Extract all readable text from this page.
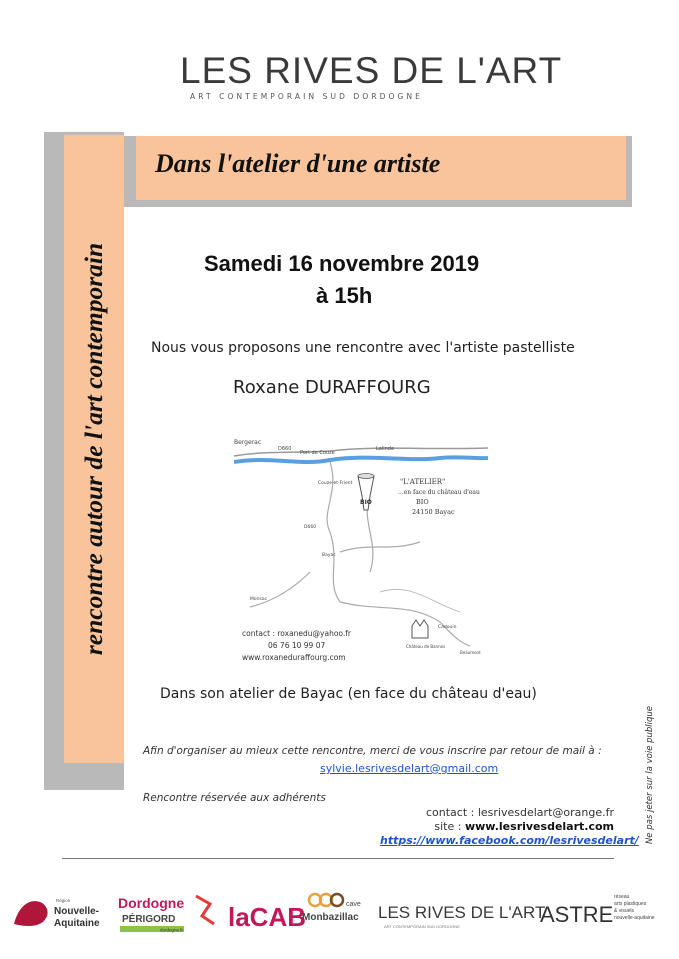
LES RIVES DE L'ART
ART CONTEMPORAIN SUD DORDOGNE
rencontre autour de l'art contemporain
Dans l'atelier d'une artiste
Samedi 16 novembre 2019
à 15h
Nous vous proposons une rencontre avec l'artiste pastelliste
Roxane DURAFFOURG
Bergerac
D660
Port de Couze
Lalinde
Couze-et-Frient
D660
Bayac
Monsac
Cadouin
Château de Bannes
Beaumont
BIO
"L'ATELIER"
...en face du château d'eau
BIO
24150 Bayac
contact : roxanedu@yahoo.fr
06 76 10 99 07
www.roxaneduraffourg.com
Dans son atelier de Bayac (en face du château d'eau)
Afin d'organiser au mieux cette rencontre, merci de vous inscrire par retour de mail à :
sylvie.lesrivesdelart@gmail.com
Rencontre réservée aux adhérents
contact : lesrivesdelart@orange.fr
site : www.lesrivesdelart.com
https://www.facebook.com/lesrivesdelart/ Ne pas jeter sur la voie publique
Région
Nouvelle-
Aquitaine
Dordogne
PÉRIGORD
dordogne.fr laCAB	cave
Monbazillac LES RIVES DE L'ART
ART CONTEMPORAIN SUD DORDOGNE	ASTRE
réseau
arts plastiques
& visuels
nouvelle-aquitaine
